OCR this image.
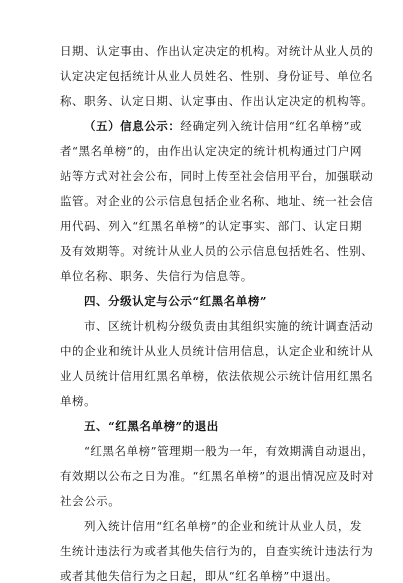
日期、认定事由、作出认定决定的机构。对统计从业人员的
认定决定包括统计从业人员姓名、性别、身份证号、单位名
称、职务、认定日期、认定事由、作出认定决定的机构等。
（五）信息公示：经确定列入统计信用“红名单榜”或
者“黑名单榜”的，由作出认定决定的统计机构通过门户网
站等方式对社会公布，同时上传至社会信用平台，加强联动
监管。对企业的公示信息包括企业名称、地址、统一社会信
用代码、列入“红黑名单榜”的认定事实、部门、认定日期
及有效期等。对统计从业人员的公示信息包括姓名、性别、
单位名称、职务、失信行为信息等。
四、分级认定与公示“红黑名单榜”
市、区统计机构分级负责由其组织实施的统计调查活动
中的企业和统计从业人员统计信用信息，认定企业和统计从
业人员统计信用红黑名单榜，依法依规公示统计信用红黑名
单榜。
五、“红黑名单榜”的退出
“红黑名单榜”管理期一般为一年，有效期满自动退出，
有效期以公布之日为准。“红黑名单榜”的退出情况应及时对
社会公示。
列入统计信用“红名单榜”的企业和统计从业人员，发
生统计违法行为或者其他失信行为的，自查实统计违法行为
或者其他失信行为之日起，即从“红名单榜”中退出。
